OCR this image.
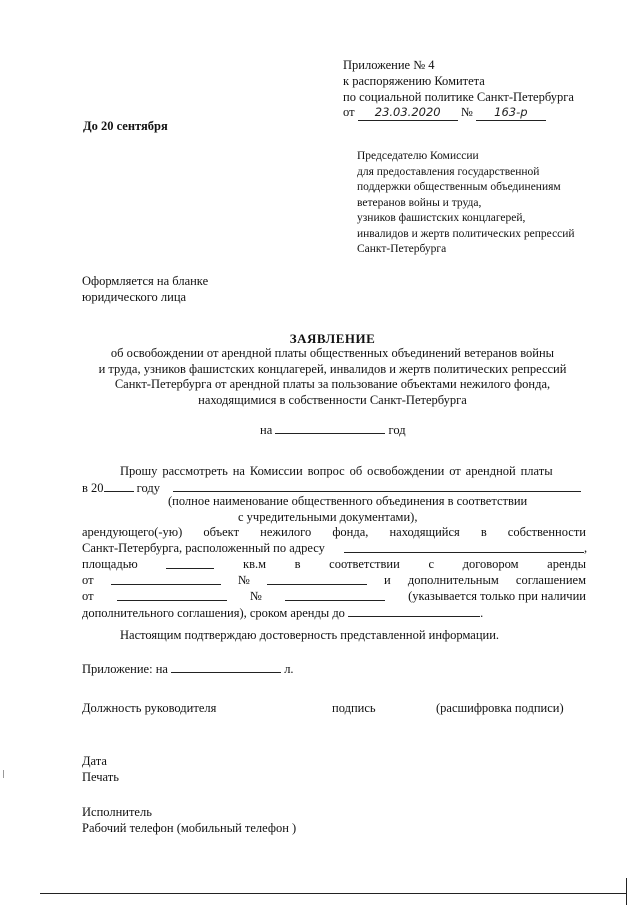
Приложение № 4
к распоряжению Комитета
по социальной политике Санкт-Петербурга
от 23.03.2020 № 163-р
До 20 сентября
Председателю Комиссии
для предоставления государственной
поддержки общественным объединениям
ветеранов войны и труда,
узников фашистских концлагерей,
инвалидов и жертв политических репрессий
Санкт-Петербурга
Оформляется на бланке
юридического лица
ЗАЯВЛЕНИЕ
об освобождении от арендной платы общественных объединений ветеранов войны
и труда, узников фашистских концлагерей, инвалидов и жертв политических репрессий
Санкт-Петербурга от арендной платы за пользование объектами нежилого фонда,
находящимися в собственности Санкт-Петербурга
на	год
Прошу рассмотреть на Комиссии вопрос об освобождении от арендной платы
в 20	году
(полное наименование общественного объединения в соответствии
с учредительными документами),
арендующего(-ую) объект нежилого фонда, находящийся в собственности
Санкт-Петербурга, расположенный по адресу	,
площадью	кв.м в соответствии с договором аренды
от	№	и дополнительным соглашением
от	№	(указывается только при наличии
дополнительного соглашения), сроком аренды до	.
Настоящим подтверждаю достоверность представленной информации.
Приложение: на	л.
Должность руководителя	подпись	(расшифровка подписи)
Дата
Печать
Исполнитель
Рабочий телефон (мобильный телефон )
